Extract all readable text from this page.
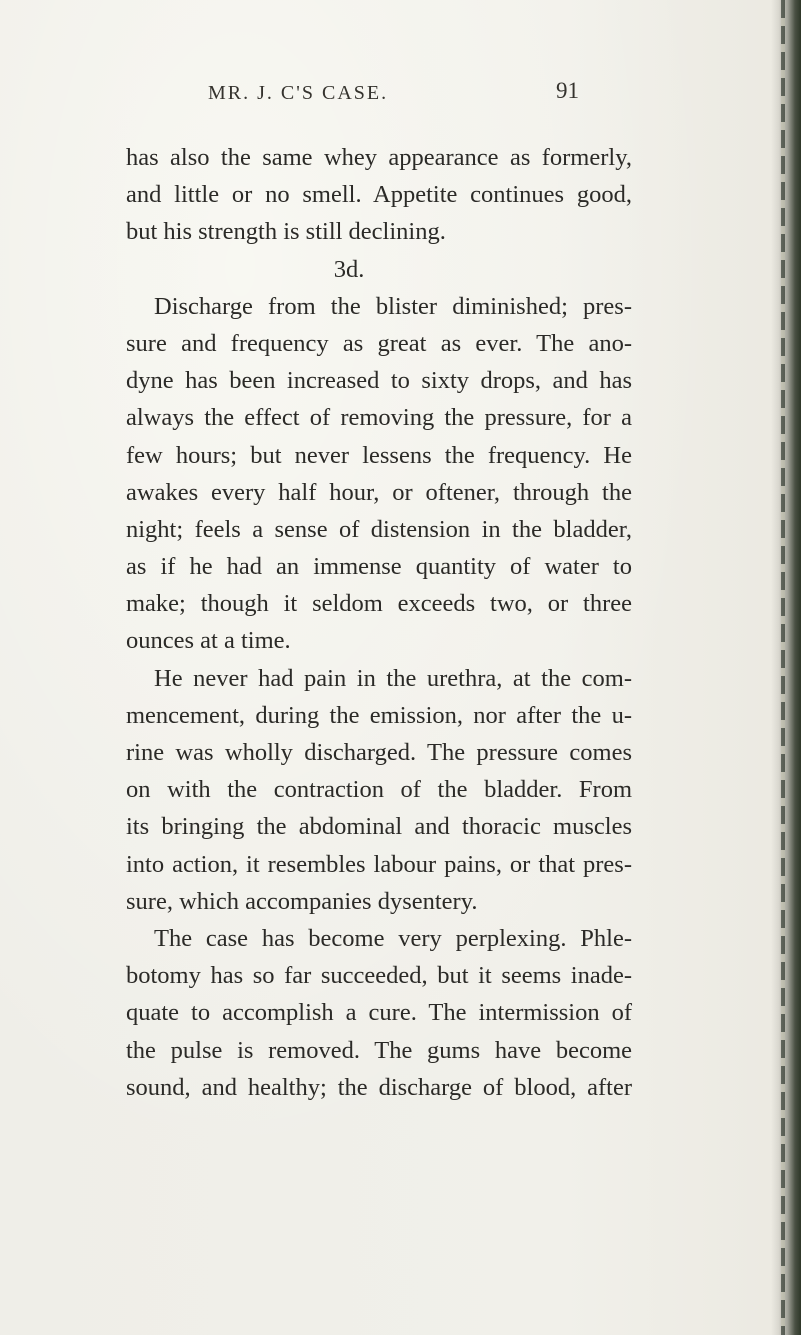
MR. J. C'S CASE.	91
has also the same whey appearance as formerly,
and little or no smell. Appetite continues good,
but his strength is still declining.
3d.
Discharge from the blister diminished; pres-
sure and frequency as great as ever. The ano-
dyne has been increased to sixty drops, and has
always the effect of removing the pressure, for a
few hours; but never lessens the frequency. He
awakes every half hour, or oftener, through the
night; feels a sense of distension in the bladder,
as if he had an immense quantity of water to
make; though it seldom exceeds two, or three
ounces at a time.
He never had pain in the urethra, at the com-
mencement, during the emission, nor after the u-
rine was wholly discharged. The pressure comes
on with the contraction of the bladder. From
its bringing the abdominal and thoracic muscles
into action, it resembles labour pains, or that pres-
sure, which accompanies dysentery.
The case has become very perplexing. Phle-
botomy has so far succeeded, but it seems inade-
quate to accomplish a cure. The intermission of
the pulse is removed. The gums have become
sound, and healthy; the discharge of blood, after
